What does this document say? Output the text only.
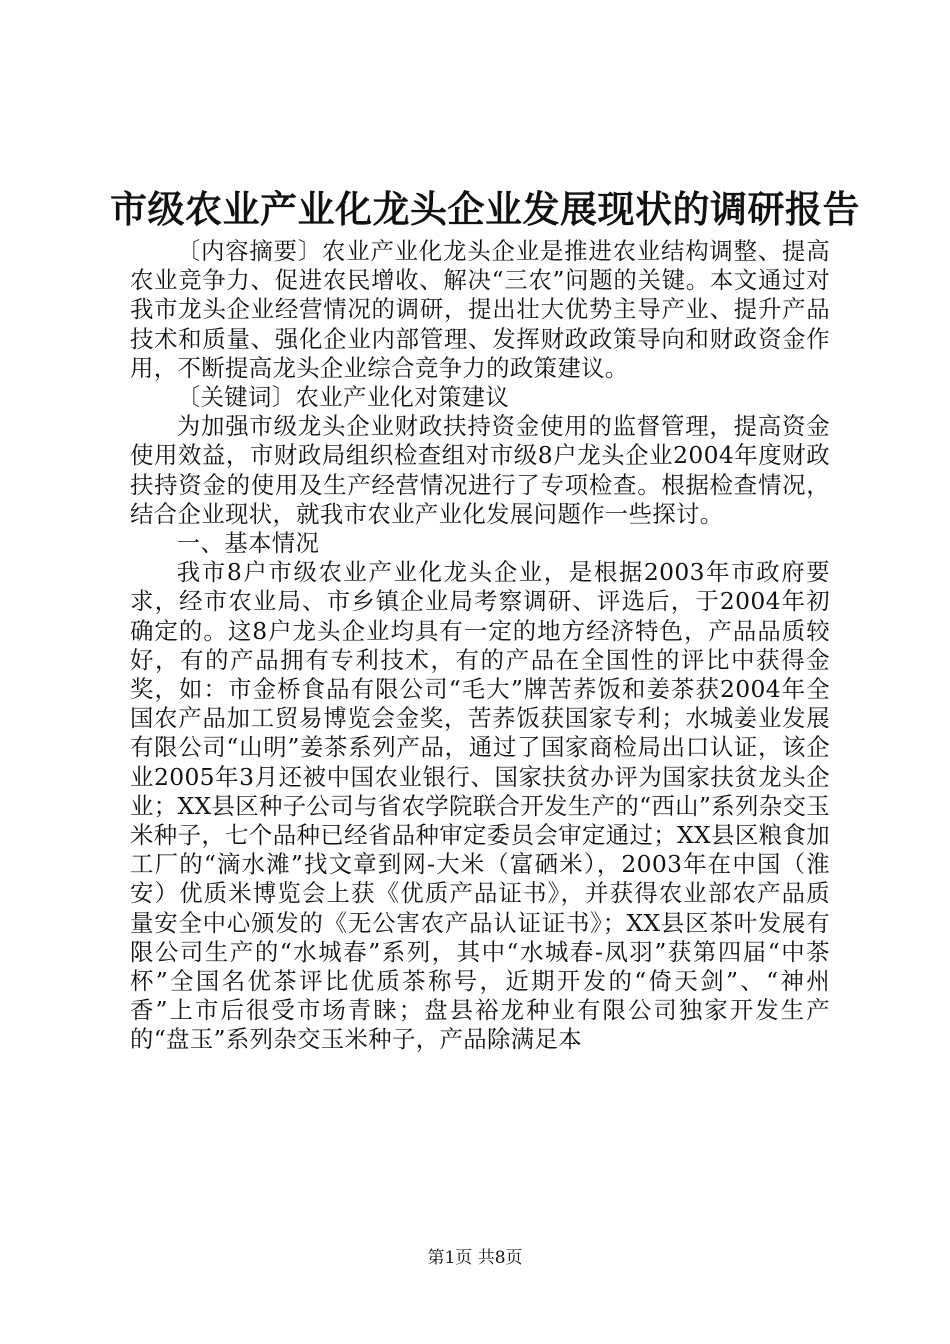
市级农业产业化龙头企业发展现状的调研报告

〔内容摘要〕农业产业化龙头企业是推进农业结构调整、提高农业竞争力、促进农民增收、解决“三农”问题的关键。本文通过对我市龙头企业经营情况的调研，提出壮大优势主导产业、提升产品技术和质量、强化企业内部管理、发挥财政政策导向和财政资金作用，不断提高龙头企业综合竞争力的政策建议。

〔关键词〕农业产业化对策建议

为加强市级龙头企业财政扶持资金使用的监督管理，提高资金使用效益，市财政局组织检查组对市级8户龙头企业2004年度财政扶持资金的使用及生产经营情况进行了专项检查。根据检查情况，结合企业现状，就我市农业产业化发展问题作一些探讨。

一、基本情况

我市8户市级农业产业化龙头企业，是根据2003年市政府要求，经市农业局、市乡镇企业局考察调研、评选后，于2004年初确定的。这8户龙头企业均具有一定的地方经济特色，产品品质较好，有的产品拥有专利技术，有的产品在全国性的评比中获得金奖，如：市金桥食品有限公司“毛大”牌苦荞饭和姜茶获2004年全国农产品加工贸易博览会金奖，苦荞饭获国家专利；水城姜业发展有限公司“山明”姜茶系列产品，通过了国家商检局出口认证，该企业2005年3月还被中国农业银行、国家扶贫办评为国家扶贫龙头企业；XX县区种子公司与省农学院联合开发生产的“西山”系列杂交玉米种子，七个品种已经省品种审定委员会审定通过；XX县区粮食加工厂的“滴水滩”找文章到网-大米（富硒米），2003年在中国（淮安）优质米博览会上获《优质产品证书》，并获得农业部农产品质量安全中心颁发的《无公害农产品认证证书》；XX县区茶叶发展有限公司生产的“水城春”系列，其中“水城春-凤羽”获第四届“中茶杯”全国名优茶评比优质茶称号，近期开发的“倚天剑”、“神州香”上市后很受市场青睐；盘县裕龙种业有限公司独家开发生产的“盘玉”系列杂交玉米种子，产品除满足本

第1页 共8页
